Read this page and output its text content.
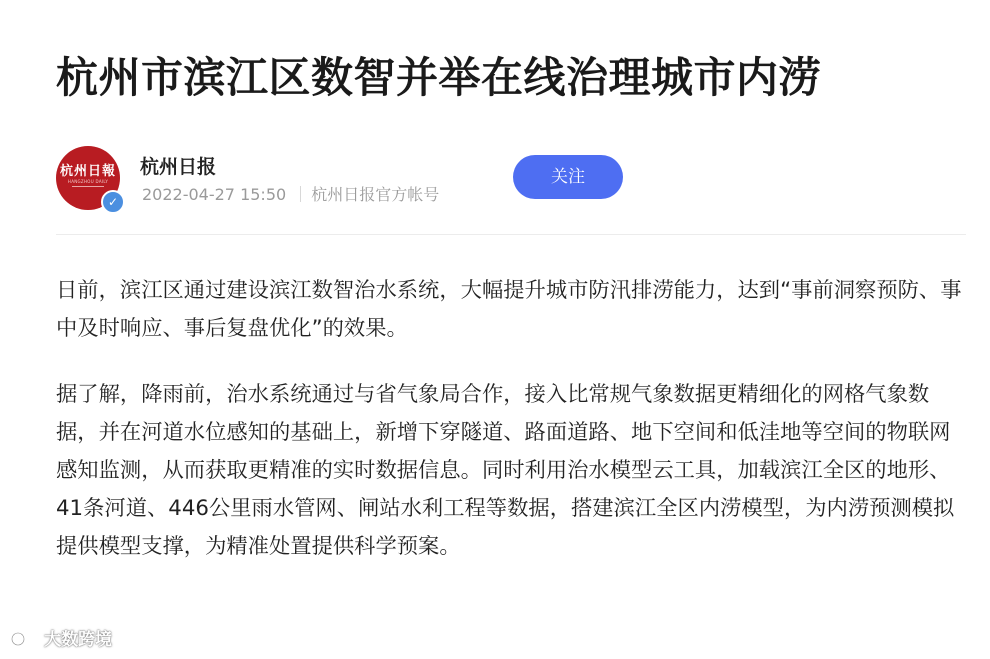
杭州市滨江区数智并举在线治理城市内涝
杭州日報
HANGZHOU DAILY
✓
杭州日报
2022-04-27 15:50 杭州日报官方帐号
关注

日前，滨江区通过建设滨江数智治水系统，大幅提升城市防汛排涝能力，达到“事前洞察预防、事中及时响应、事后复盘优化”的效果。

据了解，降雨前，治水系统通过与省气象局合作，接入比常规气象数据更精细化的网格气象数据，并在河道水位感知的基础上，新增下穿隧道、路面道路、地下空间和低洼地等空间的物联网感知监测，从而获取更精准的实时数据信息。同时利用治水模型云工具，加载滨江全区的地形、41条河道、446公里雨水管网、闸站水利工程等数据，搭建滨江全区内涝模型，为内涝预测模拟提供模型支撑，为精准处置提供科学预案。

大数跨境
